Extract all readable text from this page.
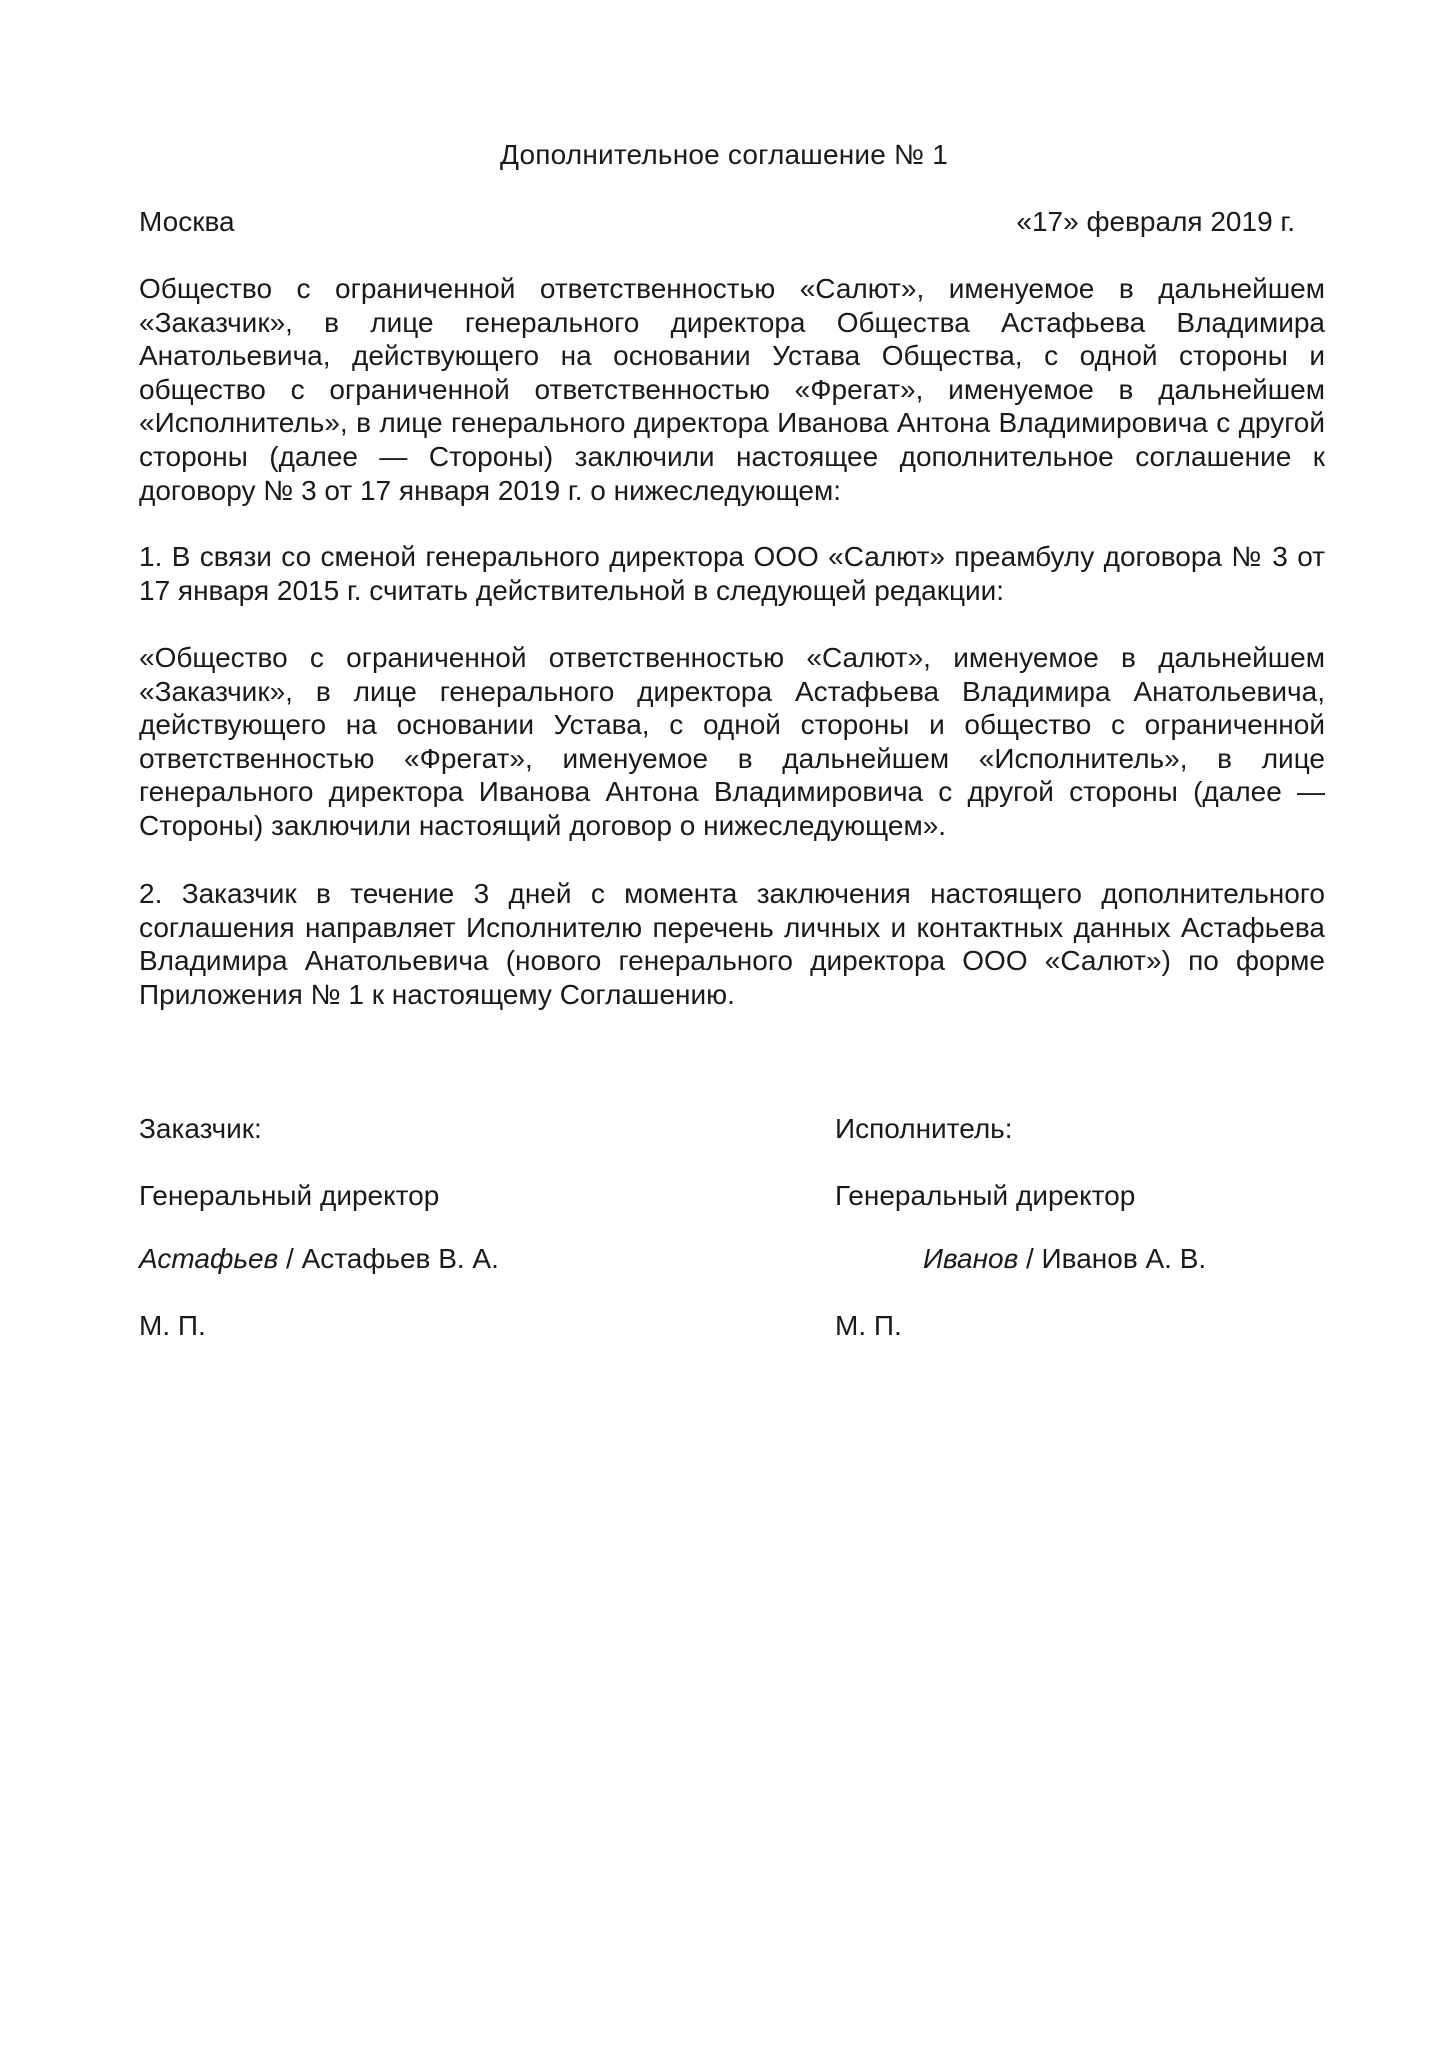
Дополнительное соглашение № 1
Москва	«17» февраля 2019 г.

Общество с ограниченной ответственностью «Салют», именуемое в дальнейшем «Заказчик», в лице генерального директора Общества Астафьева Владимира Анатольевича, действующего на основании Устава Общества, с одной стороны и общество с ограниченной ответственностью «Фрегат», именуемое в дальнейшем «Исполнитель», в лице генерального директора Иванова Антона Владимировича с другой стороны (далее — Стороны) заключили настоящее дополнительное соглашение к договору № 3 от 17 января 2019 г. о нижеследующем:

1. В связи со сменой генерального директора ООО «Салют» преамбулу договора № 3 от 17 января 2015 г. считать действительной в следующей редакции:

«Общество с ограниченной ответственностью «Салют», именуемое в дальнейшем «Заказчик», в лице генерального директора Астафьева Владимира Анатольевича, действующего на основании Устава, с одной стороны и общество с ограниченной ответственностью «Фрегат», именуемое в дальнейшем «Исполнитель», в лице генерального директора Иванова Антона Владимировича с другой стороны (далее — Стороны) заключили настоящий договор о нижеследующем».

2. Заказчик в течение 3 дней с момента заключения настоящего дополнительного соглашения направляет Исполнителю перечень личных и контактных данных Астафьева Владимира Анатольевича (нового генерального директора ООО «Салют») по форме Приложения № 1 к настоящему Соглашению.

Заказчик:
Генеральный директор
Астафьев / Астафьев В. А.
М. П.
Исполнитель:
Генеральный директор
Иванов / Иванов А. В.
М. П.
